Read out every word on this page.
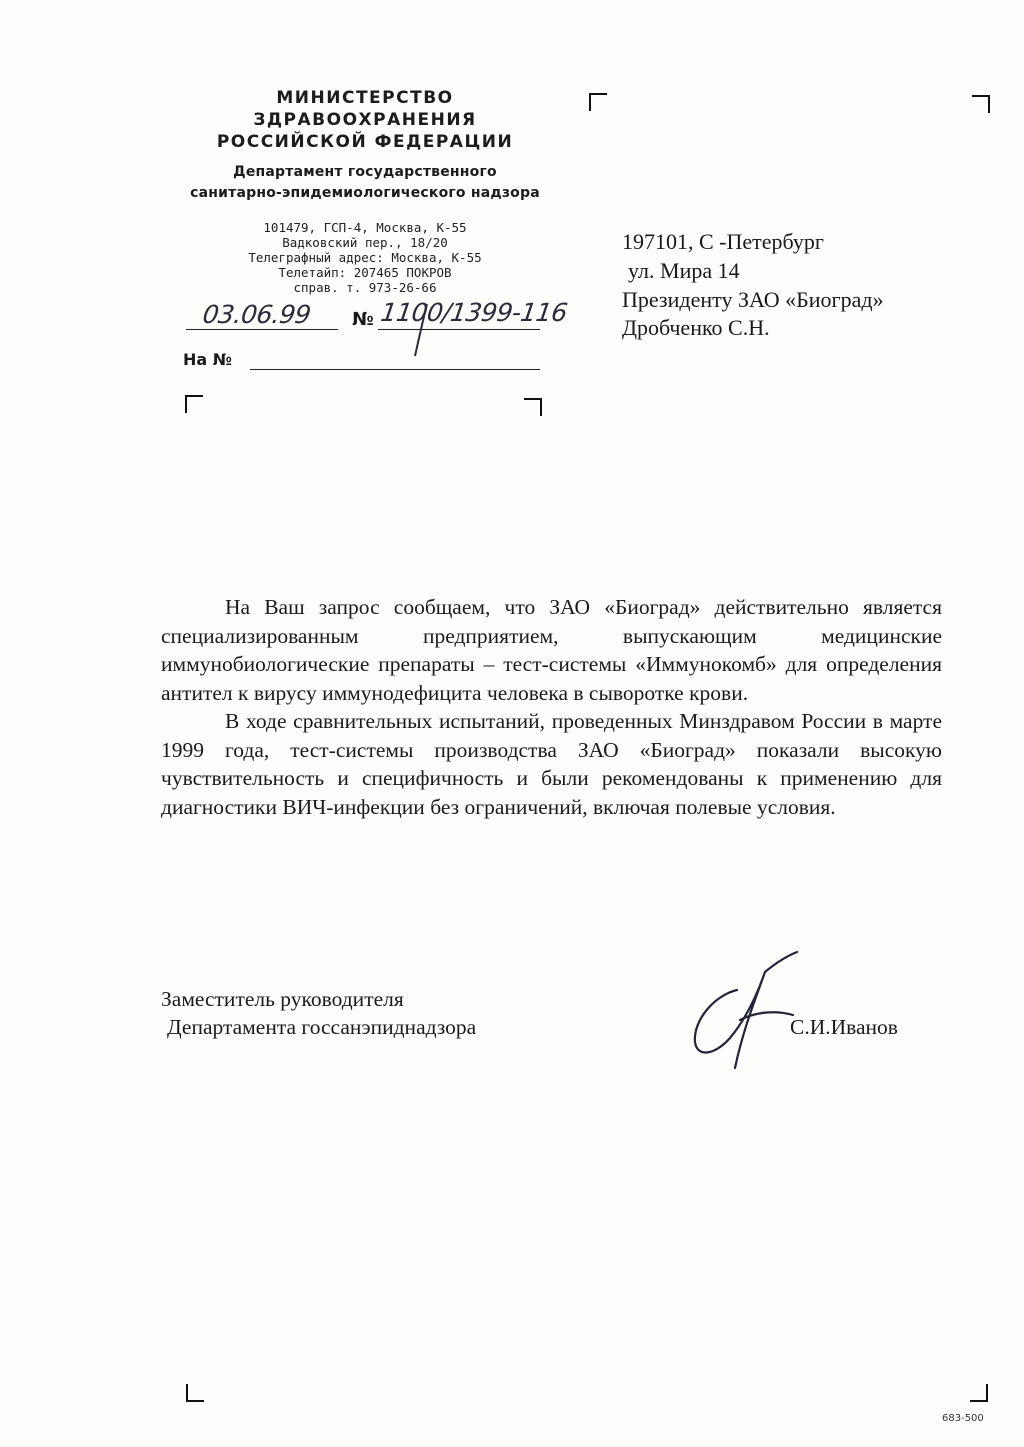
МИНИСТЕРСТВО
ЗДРАВООХРАНЕНИЯ
РОССИЙСКОЙ ФЕДЕРАЦИИ
Департамент государственного
санитарно-эпидемиологического надзора
101479, ГСП-4, Москва, К-55
Вадковский пер., 18/20
Телеграфный адрес: Москва, К-55
Телетайп: 207465 ПОКРОВ
справ. т. 973-26-66
03.06.99 № 1100/1399-116
На №
197101, С -Петербург
ул. Мира 14
Президенту ЗАО «Биоград»
Дробченко С.Н.

На Ваш запрос сообщаем, что ЗАО «Биоград» действительно является специализированным предприятием, выпускающим медицинские иммунобиологические препараты – тест-системы «Иммунокомб» для определения антител к вирусу иммунодефицита человека в сыворотке крови.

В ходе сравнительных испытаний, проведенных Минздравом России в марте 1999 года, тест-системы производства ЗАО «Биоград» показали высокую чувствительность и специфичность и были рекомендованы к применению для диагностики ВИЧ-инфекции без ограничений, включая полевые условия.

Заместитель руководителя
Департамента госсанэпиднадзора	С.И.Иванов
683-500
